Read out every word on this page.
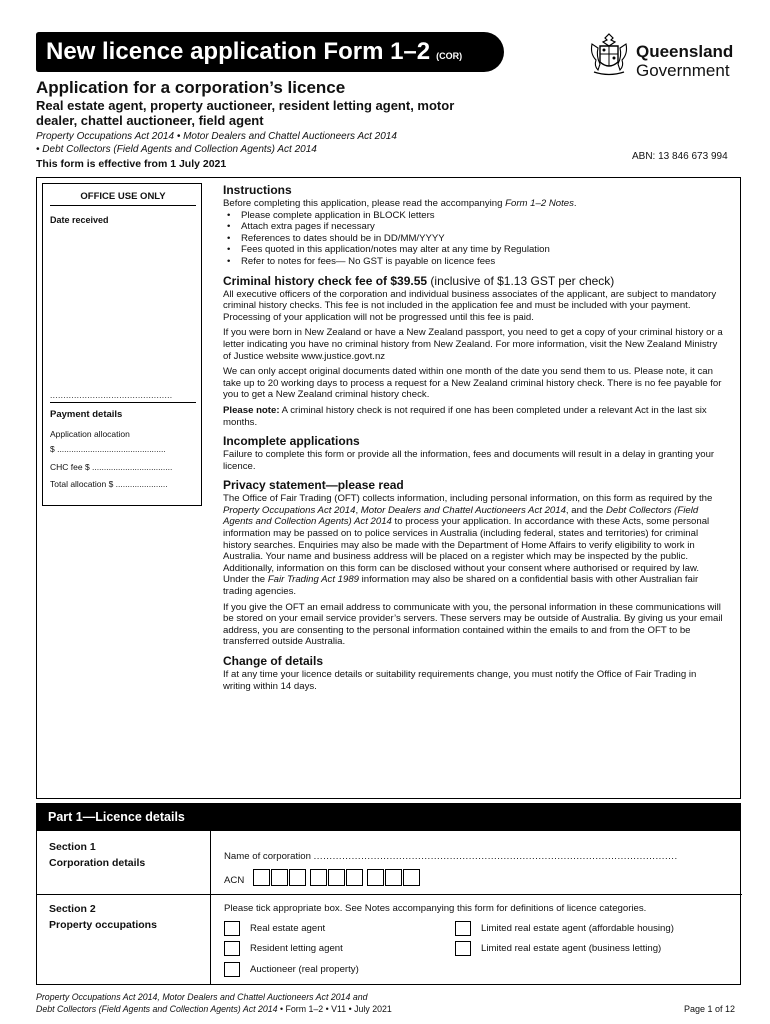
New licence application Form 1–2 (COR)	Queensland
Government
Application for a corporation’s licence
Real estate agent, property auctioneer, resident letting agent, motor dealer, chattel auctioneer, field agent
Property Occupations Act 2014 • Motor Dealers and Chattel Auctioneers Act 2014
• Debt Collectors (Field Agents and Collection Agents) Act 2014
This form is effective from 1 July 2021
ABN: 13 846 673 994
OFFICE USE ONLY
Date received
..............................................
Payment details
Application allocation
$ ..............................................
CHC fee $ ..................................
Total allocation $ ......................
Instructions

Before completing this application, please read the accompanying Form 1–2 Notes.

• Please complete application in BLOCK letters
• Attach extra pages if necessary
• References to dates should be in DD/MM/YYYY
• Fees quoted in this application/notes may alter at any time by Regulation
• Refer to notes for fees— No GST is payable on licence fees
Criminal history check fee of $39.55 (inclusive of $1.13 GST per check)

All executive officers of the corporation and individual business associates of the applicant, are subject to mandatory criminal history checks. This fee is not included in the application fee and must be included with your payment. Processing of your application will not be progressed until this fee is paid.

If you were born in New Zealand or have a New Zealand passport, you need to get a copy of your criminal history or a letter indicating you have no criminal history from New Zealand. For more information, visit the New Zealand Ministry of Justice website www.justice.govt.nz

We can only accept original documents dated within one month of the date you send them to us. Please note, it can take up to 20 working days to process a request for a New Zealand criminal history check. There is no fee payable for you to get a New Zealand criminal history check.

Please note: A criminal history check is not required if one has been completed under a relevant Act in the last six months.

Incomplete applications

Failure to complete this form or provide all the information, fees and documents will result in a delay in granting your licence.

Privacy statement—please read

The Office of Fair Trading (OFT) collects information, including personal information, on this form as required by the Property Occupations Act 2014, Motor Dealers and Chattel Auctioneers Act 2014, and the Debt Collectors (Field Agents and Collection Agents) Act 2014 to process your application. In accordance with these Acts, some personal information may be passed on to police services in Australia (including federal, states and territories) for criminal history searches. Enquiries may also be made with the Department of Home Affairs to verify eligibility to work in Australia. Your name and business address will be placed on a register which may be inspected by the public. Additionally, information on this form can be disclosed without your consent where authorised or required by law. Under the Fair Trading Act 1989 information may also be shared on a confidential basis with other Australian fair trading agencies.

If you give the OFT an email address to communicate with you, the personal information in these communications will be stored on your email service provider’s servers. These servers may be outside of Australia. By giving us your email address, you are consenting to the personal information contained within the emails to and from the OFT to be transferred outside Australia.

Change of details

If at any time your licence details or suitability requirements change, you must notify the Office of Fair Trading in writing within 14 days.

Part 1—Licence details
Section 1
Corporation details
Name of corporation ...................................................................................................................
ACN
Section 2
Property occupations
Please tick appropriate box. See Notes accompanying this form for definitions of licence categories.
Real estate agent	Limited real estate agent (affordable housing)
Resident letting agent	Limited real estate agent (business letting)
Auctioneer (real property)
Property Occupations Act 2014, Motor Dealers and Chattel Auctioneers Act 2014 and
Debt Collectors (Field Agents and Collection Agents) Act 2014 • Form 1–2 • V11 • July 2021	Page 1 of 12
